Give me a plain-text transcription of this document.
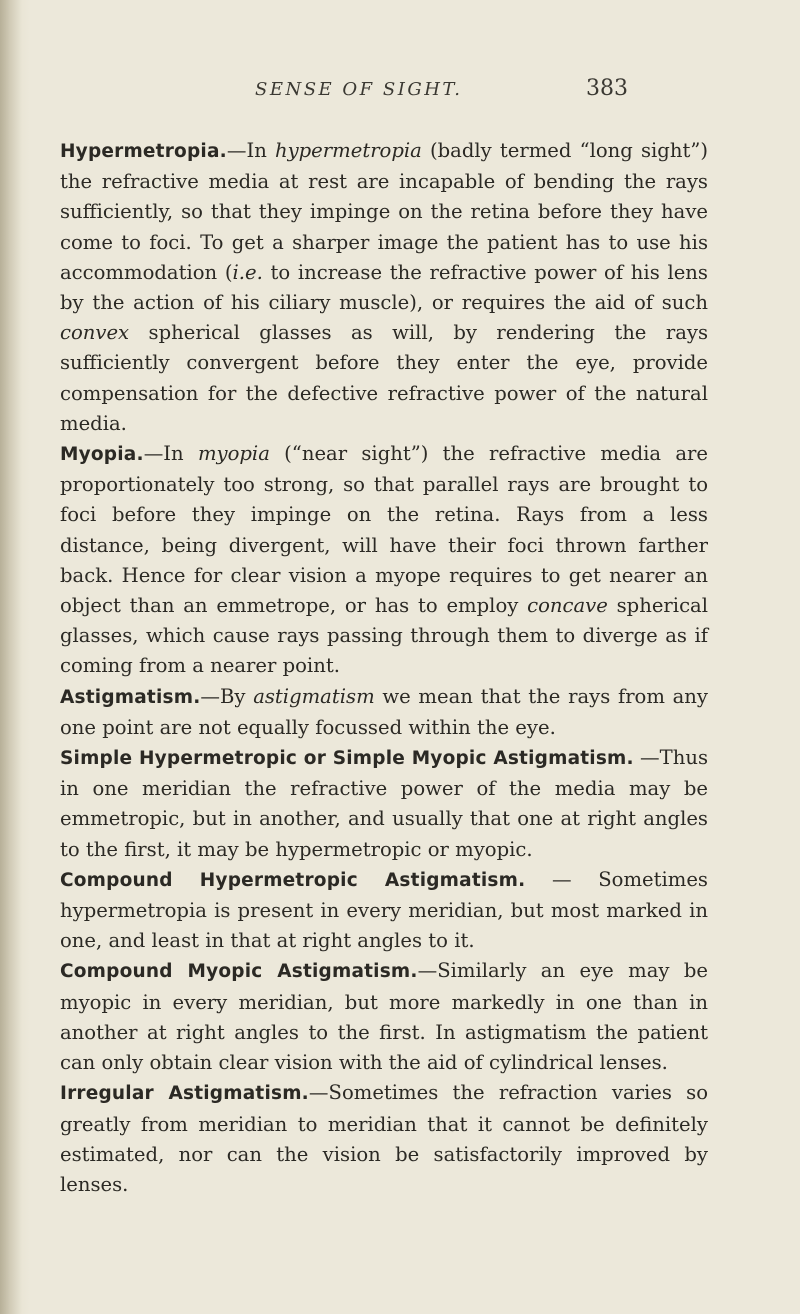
SENSE OF SIGHT.	383

Hypermetropia.—In hypermetropia (badly termed “long sight”) the refractive media at rest are incapable of bending the rays sufficiently, so that they impinge on the retina before they have come to foci. To get a sharper image the patient has to use his accommodation (i.e. to increase the refractive power of his lens by the action of his ciliary muscle), or requires the aid of such convex spherical glasses as will, by rendering the rays sufficiently convergent before they enter the eye, provide compensation for the defective refractive power of the natural media.

Myopia.—In myopia (“near sight”) the refractive media are proportionately too strong, so that parallel rays are brought to foci before they impinge on the retina. Rays from a less distance, being divergent, will have their foci thrown farther back. Hence for clear vision a myope requires to get nearer an object than an emmetrope, or has to employ concave spherical glasses, which cause rays passing through them to diverge as if coming from a nearer point.

Astigmatism.—By astigmatism we mean that the rays from any one point are not equally focussed within the eye.

Simple Hypermetropic or Simple Myopic Astigmatism. —Thus in one meridian the refractive power of the media may be emmetropic, but in another, and usually that one at right angles to the first, it may be hypermetropic or myopic.

Compound Hypermetropic Astigmatism. — Sometimes hypermetropia is present in every meridian, but most marked in one, and least in that at right angles to it.

Compound Myopic Astigmatism.—Similarly an eye may be myopic in every meridian, but more markedly in one than in another at right angles to the first. In astigmatism the patient can only obtain clear vision with the aid of cylindrical lenses.

Irregular Astigmatism.—Sometimes the refraction varies so greatly from meridian to meridian that it cannot be definitely estimated, nor can the vision be satisfactorily improved by lenses.
